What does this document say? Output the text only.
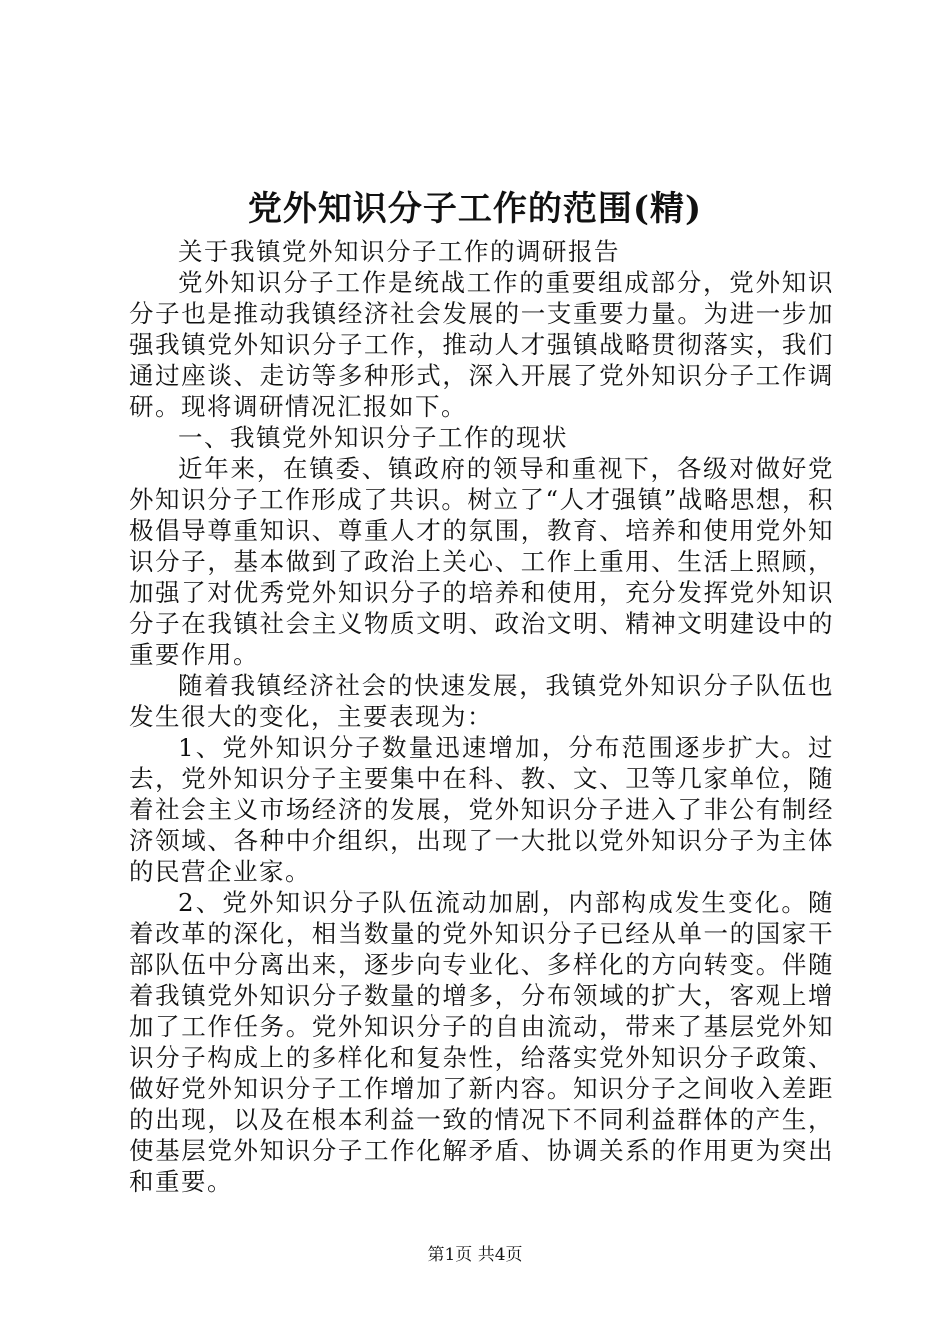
党外知识分子工作的范围(精)

关于我镇党外知识分子工作的调研报告

党外知识分子工作是统战工作的重要组成部分，党外知识分子也是推动我镇经济社会发展的一支重要力量。为进一步加强我镇党外知识分子工作，推动人才强镇战略贯彻落实，我们通过座谈、走访等多种形式，深入开展了党外知识分子工作调研。现将调研情况汇报如下。

一、我镇党外知识分子工作的现状

近年来，在镇委、镇政府的领导和重视下，各级对做好党外知识分子工作形成了共识。树立了“人才强镇”战略思想，积极倡导尊重知识、尊重人才的氛围，教育、培养和使用党外知识分子，基本做到了政治上关心、工作上重用、生活上照顾，加强了对优秀党外知识分子的培养和使用，充分发挥党外知识分子在我镇社会主义物质文明、政治文明、精神文明建设中的重要作用。

随着我镇经济社会的快速发展，我镇党外知识分子队伍也发生很大的变化，主要表现为：

1、党外知识分子数量迅速增加，分布范围逐步扩大。过去，党外知识分子主要集中在科、教、文、卫等几家单位，随着社会主义市场经济的发展，党外知识分子进入了非公有制经济领域、各种中介组织，出现了一大批以党外知识分子为主体的民营企业家。

2、党外知识分子队伍流动加剧，内部构成发生变化。随着改革的深化，相当数量的党外知识分子已经从单一的国家干部队伍中分离出来，逐步向专业化、多样化的方向转变。伴随着我镇党外知识分子数量的增多，分布领域的扩大，客观上增加了工作任务。党外知识分子的自由流动，带来了基层党外知识分子构成上的多样化和复杂性，给落实党外知识分子政策、做好党外知识分子工作增加了新内容。知识分子之间收入差距的出现，以及在根本利益一致的情况下不同利益群体的产生，使基层党外知识分子工作化解矛盾、协调关系的作用更为突出和重要。

第1页 共4页
